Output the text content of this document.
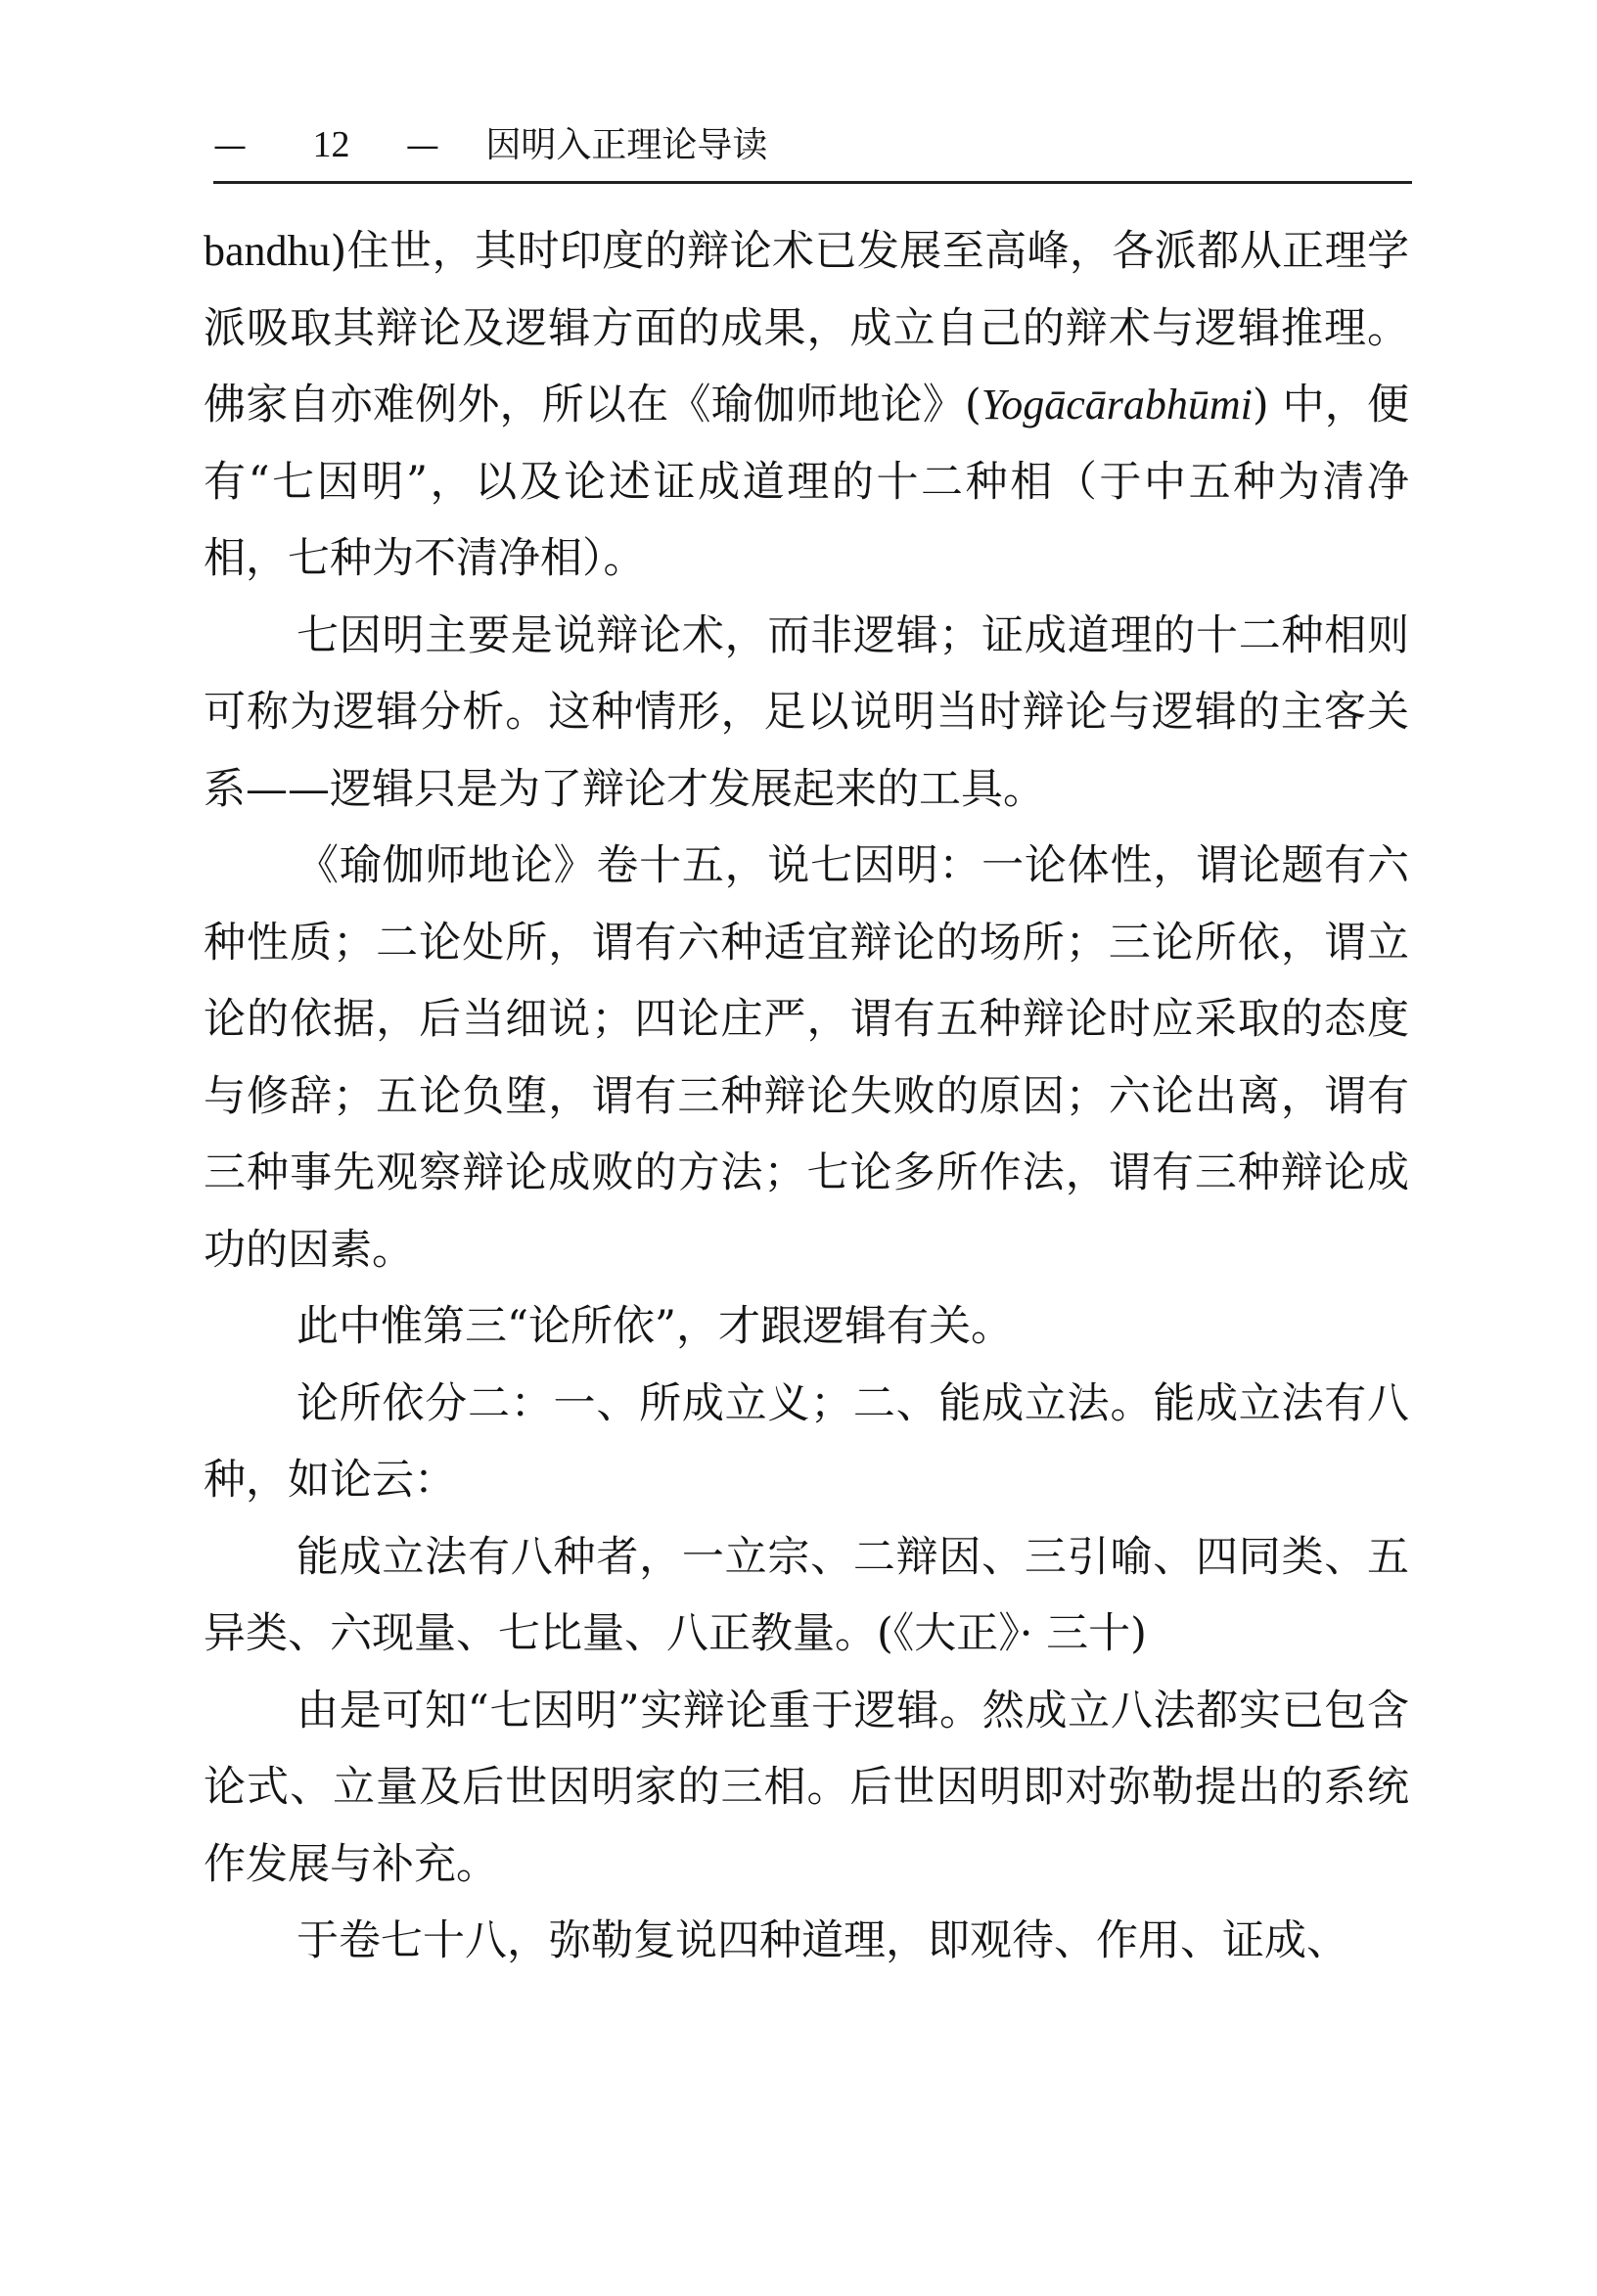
— 12 — 因明入正理论导读

bandhu)住世，其时印度的辩论术已发展至高峰，各派都从正理学派吸取其辩论及逻辑方面的成果，成立自己的辩术与逻辑推理。佛家自亦难例外，所以在《瑜伽师地论》(Yogācārabhūmi) 中，便有“七因明”，以及论述证成道理的十二种相（于中五种为清净相，七种为不清净相）。

七因明主要是说辩论术，而非逻辑；证成道理的十二种相则可称为逻辑分析。这种情形，足以说明当时辩论与逻辑的主客关系——逻辑只是为了辩论才发展起来的工具。

《瑜伽师地论》卷十五，说七因明：一论体性，谓论题有六种性质；二论处所，谓有六种适宜辩论的场所；三论所依，谓立论的依据，后当细说；四论庄严，谓有五种辩论时应采取的态度与修辞；五论负堕，谓有三种辩论失败的原因；六论出离，谓有三种事先观察辩论成败的方法；七论多所作法，谓有三种辩论成功的因素。

此中惟第三“论所依”，才跟逻辑有关。

论所依分二：一、所成立义；二、能成立法。能成立法有八种，如论云：

能成立法有八种者，一立宗、二辩因、三引喻、四同类、五异类、六现量、七比量、八正教量。(《大正》· 三十)

由是可知“七因明”实辩论重于逻辑。然成立八法都实已包含论式、立量及后世因明家的三相。后世因明即对弥勒提出的系统作发展与补充。

于卷七十八，弥勒复说四种道理，即观待、作用、证成、
